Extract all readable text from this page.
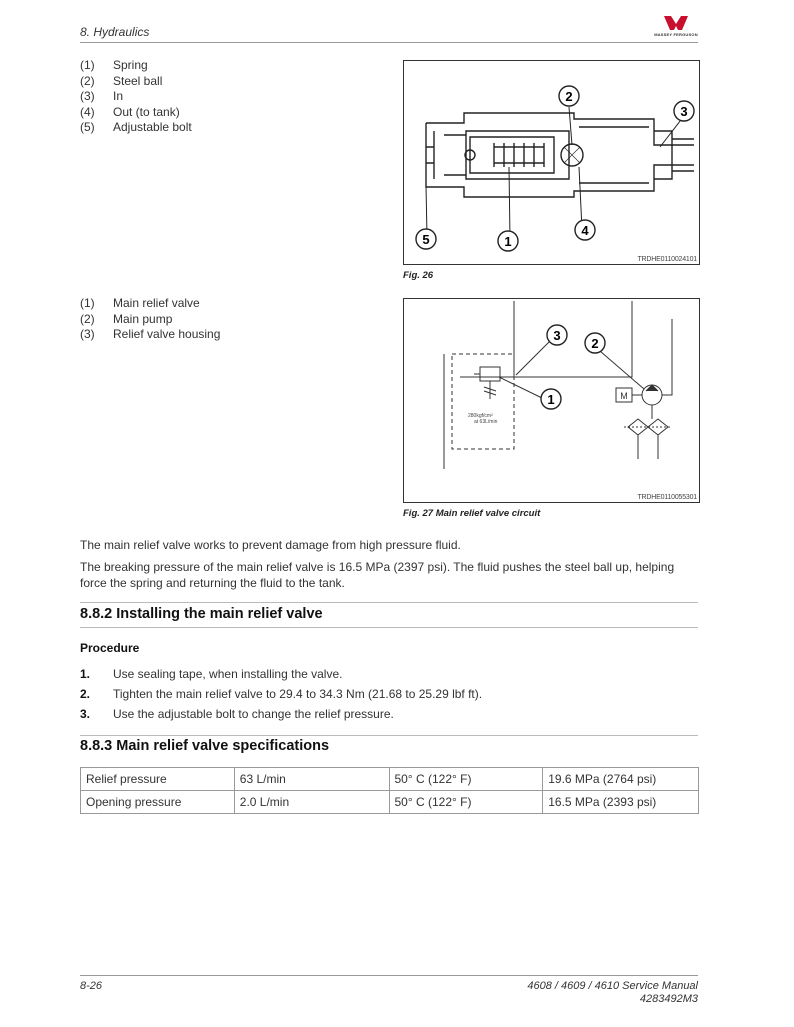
8. Hydraulics	MASSEY FERGUSON
(1)	Spring
(2)	Steel ball
(3)	In
(4)	Out (to tank)
(5)	Adjustable bolt
1
2
3
4
5
TRDHE0110024101
Fig. 26
(1)	Main relief valve
(2)	Main pump
(3)	Relief valve housing
280kgf/cm²
at 63L/min
M
1
2
3
TRDHE0110055301
Fig. 27 Main relief valve circuit
The main relief valve works to prevent damage from high pressure fluid.
The breaking pressure of the main relief valve is 16.5 MPa (2397 psi). The fluid pushes the steel ball up, helping force the spring and returning the fluid to the tank.
8.8.2 Installing the main relief valve
Procedure
1.	Use sealing tape, when installing the valve.
2.	Tighten the main relief valve to 29.4 to 34.3 Nm (21.68 to 25.29 lbf ft).
3.	Use the adjustable bolt to change the relief pressure.
8.8.3 Main relief valve specifications
Relief pressure	63 L/min	50° C (122° F)	19.6 MPa (2764 psi)
Opening pressure	2.0 L/min	50° C (122° F)	16.5 MPa (2393 psi)
8-26	4608 / 4609 / 4610 Service Manual
4283492M3
